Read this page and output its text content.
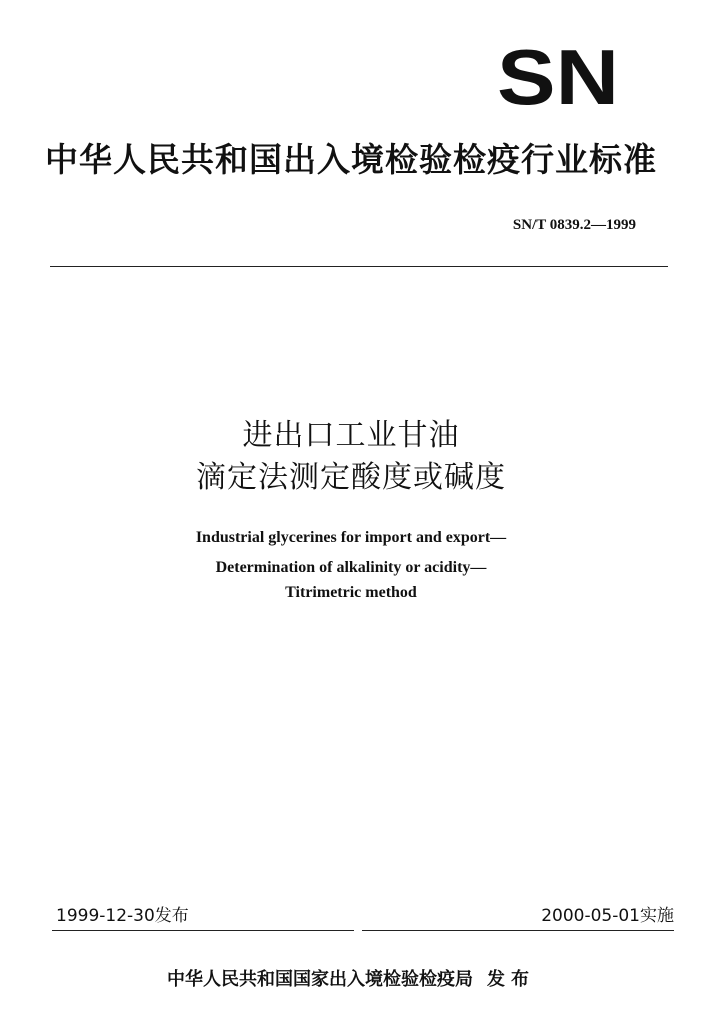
SN
中华人民共和国出入境检验检疫行业标准
SN/T 0839.2—1999
进出口工业甘油
滴定法测定酸度或碱度
Industrial glycerines for import and export—
Determination of alkalinity or acidity—
Titrimetric method
1999-12-30发布	2000-05-01实施
中华人民共和国国家出入境检验检疫局 发布
